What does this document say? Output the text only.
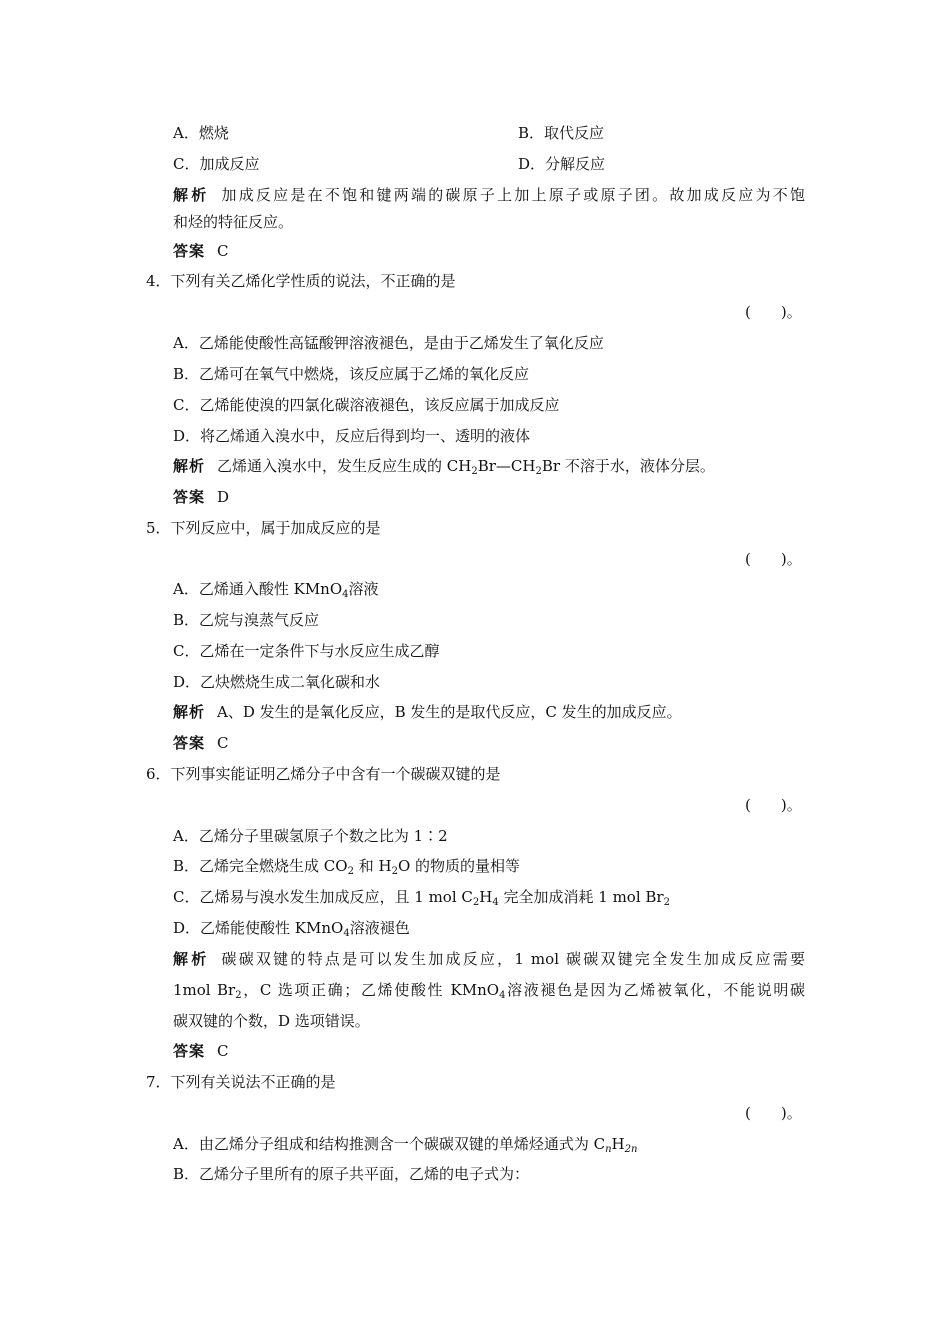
A．燃烧	B．取代反应
C．加成反应	D．分解反应
解析 加成反应是在不饱和键两端的碳原子上加上原子或原子团。故加成反应为不饱
和烃的特征反应。
答案 C
4．下列有关乙烯化学性质的说法，不正确的是
(　　)。
A．乙烯能使酸性高锰酸钾溶液褪色，是由于乙烯发生了氧化反应
B．乙烯可在氧气中燃烧，该反应属于乙烯的氧化反应
C．乙烯能使溴的四氯化碳溶液褪色，该反应属于加成反应
D．将乙烯通入溴水中，反应后得到均一、透明的液体
解析 乙烯通入溴水中，发生反应生成的 $CH_2Br—CH_2Br$ 不溶于水，液体分层。
答案 D
5．下列反应中，属于加成反应的是
(　　)。
A．乙烯通入酸性 KMnO$_4$溶液
B．乙烷与溴蒸气反应
C．乙烯在一定条件下与水反应生成乙醇
D．乙炔燃烧生成二氧化碳和水
解析 A、D 发生的是氧化反应，B 发生的是取代反应，C 发生的加成反应。
答案 C
6．下列事实能证明乙烯分子中含有一个碳碳双键的是
(　　)。
A．乙烯分子里碳氢原子个数之比为 1∶2
B．乙烯完全燃烧生成 $CO_2$ 和 $H_2O$ 的物质的量相等
C．乙烯易与溴水发生加成反应，且 1 mol $C_2H_4$ 完全加成消耗 1 mol $Br_2$
D．乙烯能使酸性 KMnO$_4$溶液褪色
解析 碳碳双键的特点是可以发生加成反应，1 mol 碳碳双键完全发生加成反应需要
1mol $Br_2$，C 选项正确；乙烯使酸性 KMnO$_4$溶液褪色是因为乙烯被氧化，不能说明碳
碳双键的个数，D 选项错误。
答案 C
7．下列有关说法不正确的是
(　　)。
A．由乙烯分子组成和结构推测含一个碳碳双键的单烯烃通式为 $C_nH_{2n}$
B．乙烯分子里所有的原子共平面，乙烯的电子式为：
